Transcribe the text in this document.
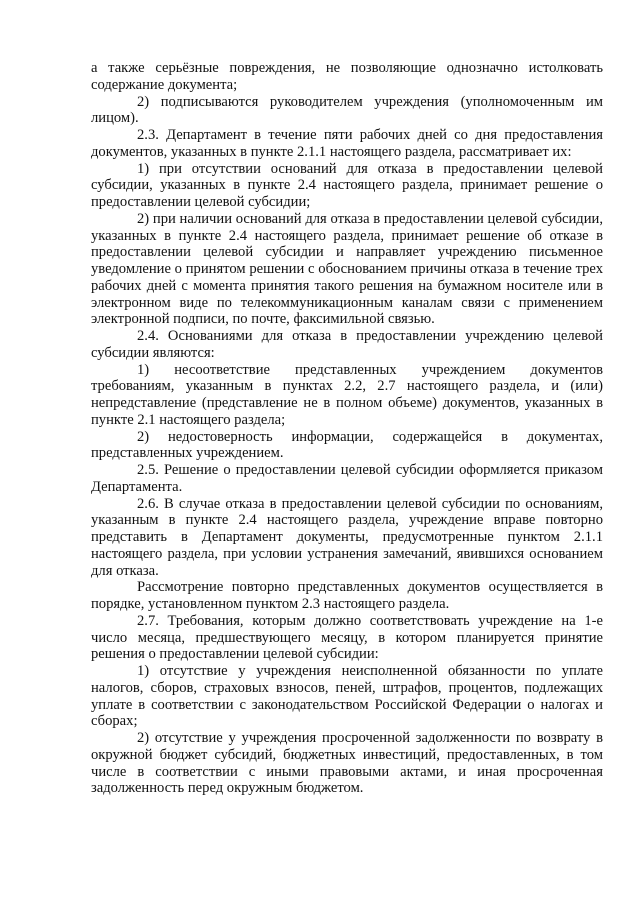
а также серьёзные повреждения, не позволяющие однозначно истолковать содержание документа;

2) подписываются руководителем учреждения (уполномоченным им лицом).

2.3. Департамент в течение пяти рабочих дней со дня предоставления документов, указанных в пункте 2.1.1 настоящего раздела, рассматривает их:

1) при отсутствии оснований для отказа в предоставлении целевой субсидии, указанных в пункте 2.4 настоящего раздела, принимает решение о предоставлении целевой субсидии;

2) при наличии оснований для отказа в предоставлении целевой субсидии, указанных в пункте 2.4 настоящего раздела, принимает решение об отказе в предоставлении целевой субсидии и направляет учреждению письменное уведомление о принятом решении с обоснованием причины отказа в течение трех рабочих дней с момента принятия такого решения на бумажном носителе или в электронном виде по телекоммуникационным каналам связи с применением электронной подписи, по почте, факсимильной связью.

2.4. Основаниями для отказа в предоставлении учреждению целевой субсидии являются:

1) несоответствие представленных учреждением документов требованиям, указанным в пунктах 2.2, 2.7 настоящего раздела, и (или) непредставление (представление не в полном объеме) документов, указанных в пункте 2.1 настоящего раздела;

2) недостоверность информации, содержащейся в документах, представленных учреждением.

2.5. Решение о предоставлении целевой субсидии оформляется приказом Департамента.

2.6. В случае отказа в предоставлении целевой субсидии по основаниям, указанным в пункте 2.4 настоящего раздела, учреждение вправе повторно представить в Департамент документы, предусмотренные пунктом 2.1.1 настоящего раздела, при условии устранения замечаний, явившихся основанием для отказа.

Рассмотрение повторно представленных документов осуществляется в порядке, установленном пунктом 2.3 настоящего раздела.

2.7. Требования, которым должно соответствовать учреждение на 1-е число месяца, предшествующего месяцу, в котором планируется принятие решения о предоставлении целевой субсидии:

1) отсутствие у учреждения неисполненной обязанности по уплате налогов, сборов, страховых взносов, пеней, штрафов, процентов, подлежащих уплате в соответствии с законодательством Российской Федерации о налогах и сборах;

2) отсутствие у учреждения просроченной задолженности по возврату в окружной бюджет субсидий, бюджетных инвестиций, предоставленных, в том числе в соответствии с иными правовыми актами, и иная просроченная задолженность перед окружным бюджетом.
